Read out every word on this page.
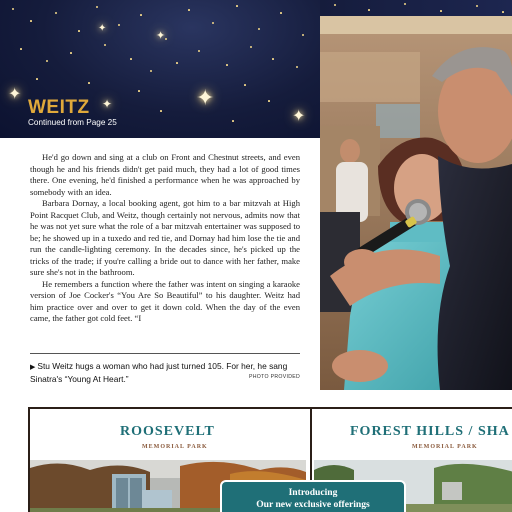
✦
✦
✦
✦	✦
✦
WEITZ

Continued from Page 25

He'd go down and sing at a club on Front and Chestnut streets, and even though he and his friends didn't get paid much, they had a lot of good times there. One evening, he'd finished a performance when he was approached by somebody with an idea.

Barbara Dornay, a local booking agent, got him to a bar mitzvah at High Point Racquet Club, and Weitz, though certainly not nervous, admits now that he was not yet sure what the role of a bar mitzvah entertainer was supposed to be; he showed up in a tuxedo and red tie, and Dornay had him lose the tie and run the candle-lighting ceremony. In the decades since, he's picked up the tricks of the trade; if you're calling a bride out to dance with her father, make sure she's not in the bathroom.

He remembers a function where the father was intent on singing a karaoke version of Joe Cocker's “You Are So Beautiful” to his daughter. Weitz had him practice over and over to get it down cold. When the day of the even came, the father got cold feet. “I

▶ Stu Weitz hugs a woman who had just turned 105. For her, he sang Sinatra's “Young At Heart.”	PHOTO PROVIDED

ROOSEVELT

MEMORIAL PARK

FOREST HILLS / SHA

MEMORIAL PARK

Introducing
Our new exclusive offerings
